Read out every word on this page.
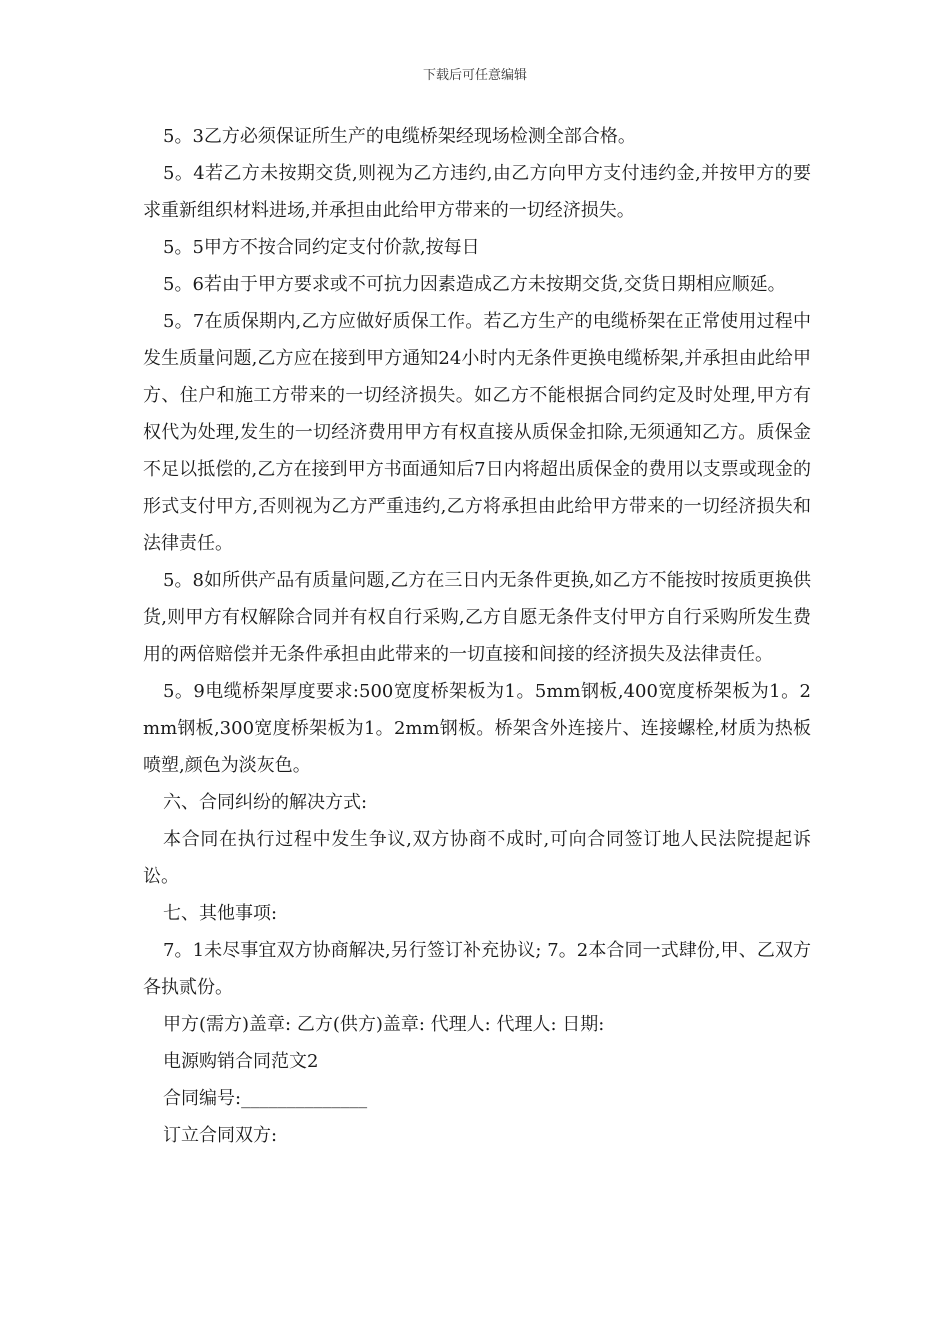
下载后可任意编辑

5。3乙方必须保证所生产的电缆桥架经现场检测全部合格。

5。4若乙方未按期交货,则视为乙方违约,由乙方向甲方支付违约金,并按甲方的要求重新组织材料进场,并承担由此给甲方带来的一切经济损失。

5。5甲方不按合同约定支付价款,按每日

5。6若由于甲方要求或不可抗力因素造成乙方未按期交货,交货日期相应顺延。

5。7在质保期内,乙方应做好质保工作。若乙方生产的电缆桥架在正常使用过程中发生质量问题,乙方应在接到甲方通知24小时内无条件更换电缆桥架,并承担由此给甲方、住户和施工方带来的一切经济损失。如乙方不能根据合同约定及时处理,甲方有权代为处理,发生的一切经济费用甲方有权直接从质保金扣除,无须通知乙方。质保金不足以抵偿的,乙方在接到甲方书面通知后7日内将超出质保金的费用以支票或现金的形式支付甲方,否则视为乙方严重违约,乙方将承担由此给甲方带来的一切经济损失和法律责任。

5。8如所供产品有质量问题,乙方在三日内无条件更换,如乙方不能按时按质更换供货,则甲方有权解除合同并有权自行采购,乙方自愿无条件支付甲方自行采购所发生费用的两倍赔偿并无条件承担由此带来的一切直接和间接的经济损失及法律责任。

5。9电缆桥架厚度要求:500宽度桥架板为1。5mm钢板,400宽度桥架板为1。2mm钢板,300宽度桥架板为1。2mm钢板。桥架含外连接片、连接螺栓,材质为热板喷塑,颜色为淡灰色。

六、合同纠纷的解决方式:

本合同在执行过程中发生争议,双方协商不成时,可向合同签订地人民法院提起诉讼。

七、其他事项:

7。1未尽事宜双方协商解决,另行签订补充协议; 7。2本合同一式肆份,甲、乙双方各执贰份。

甲方(需方)盖章: 乙方(供方)盖章: 代理人: 代理人: 日期:

电源购销合同范文2

合同编号:______________

订立合同双方:
